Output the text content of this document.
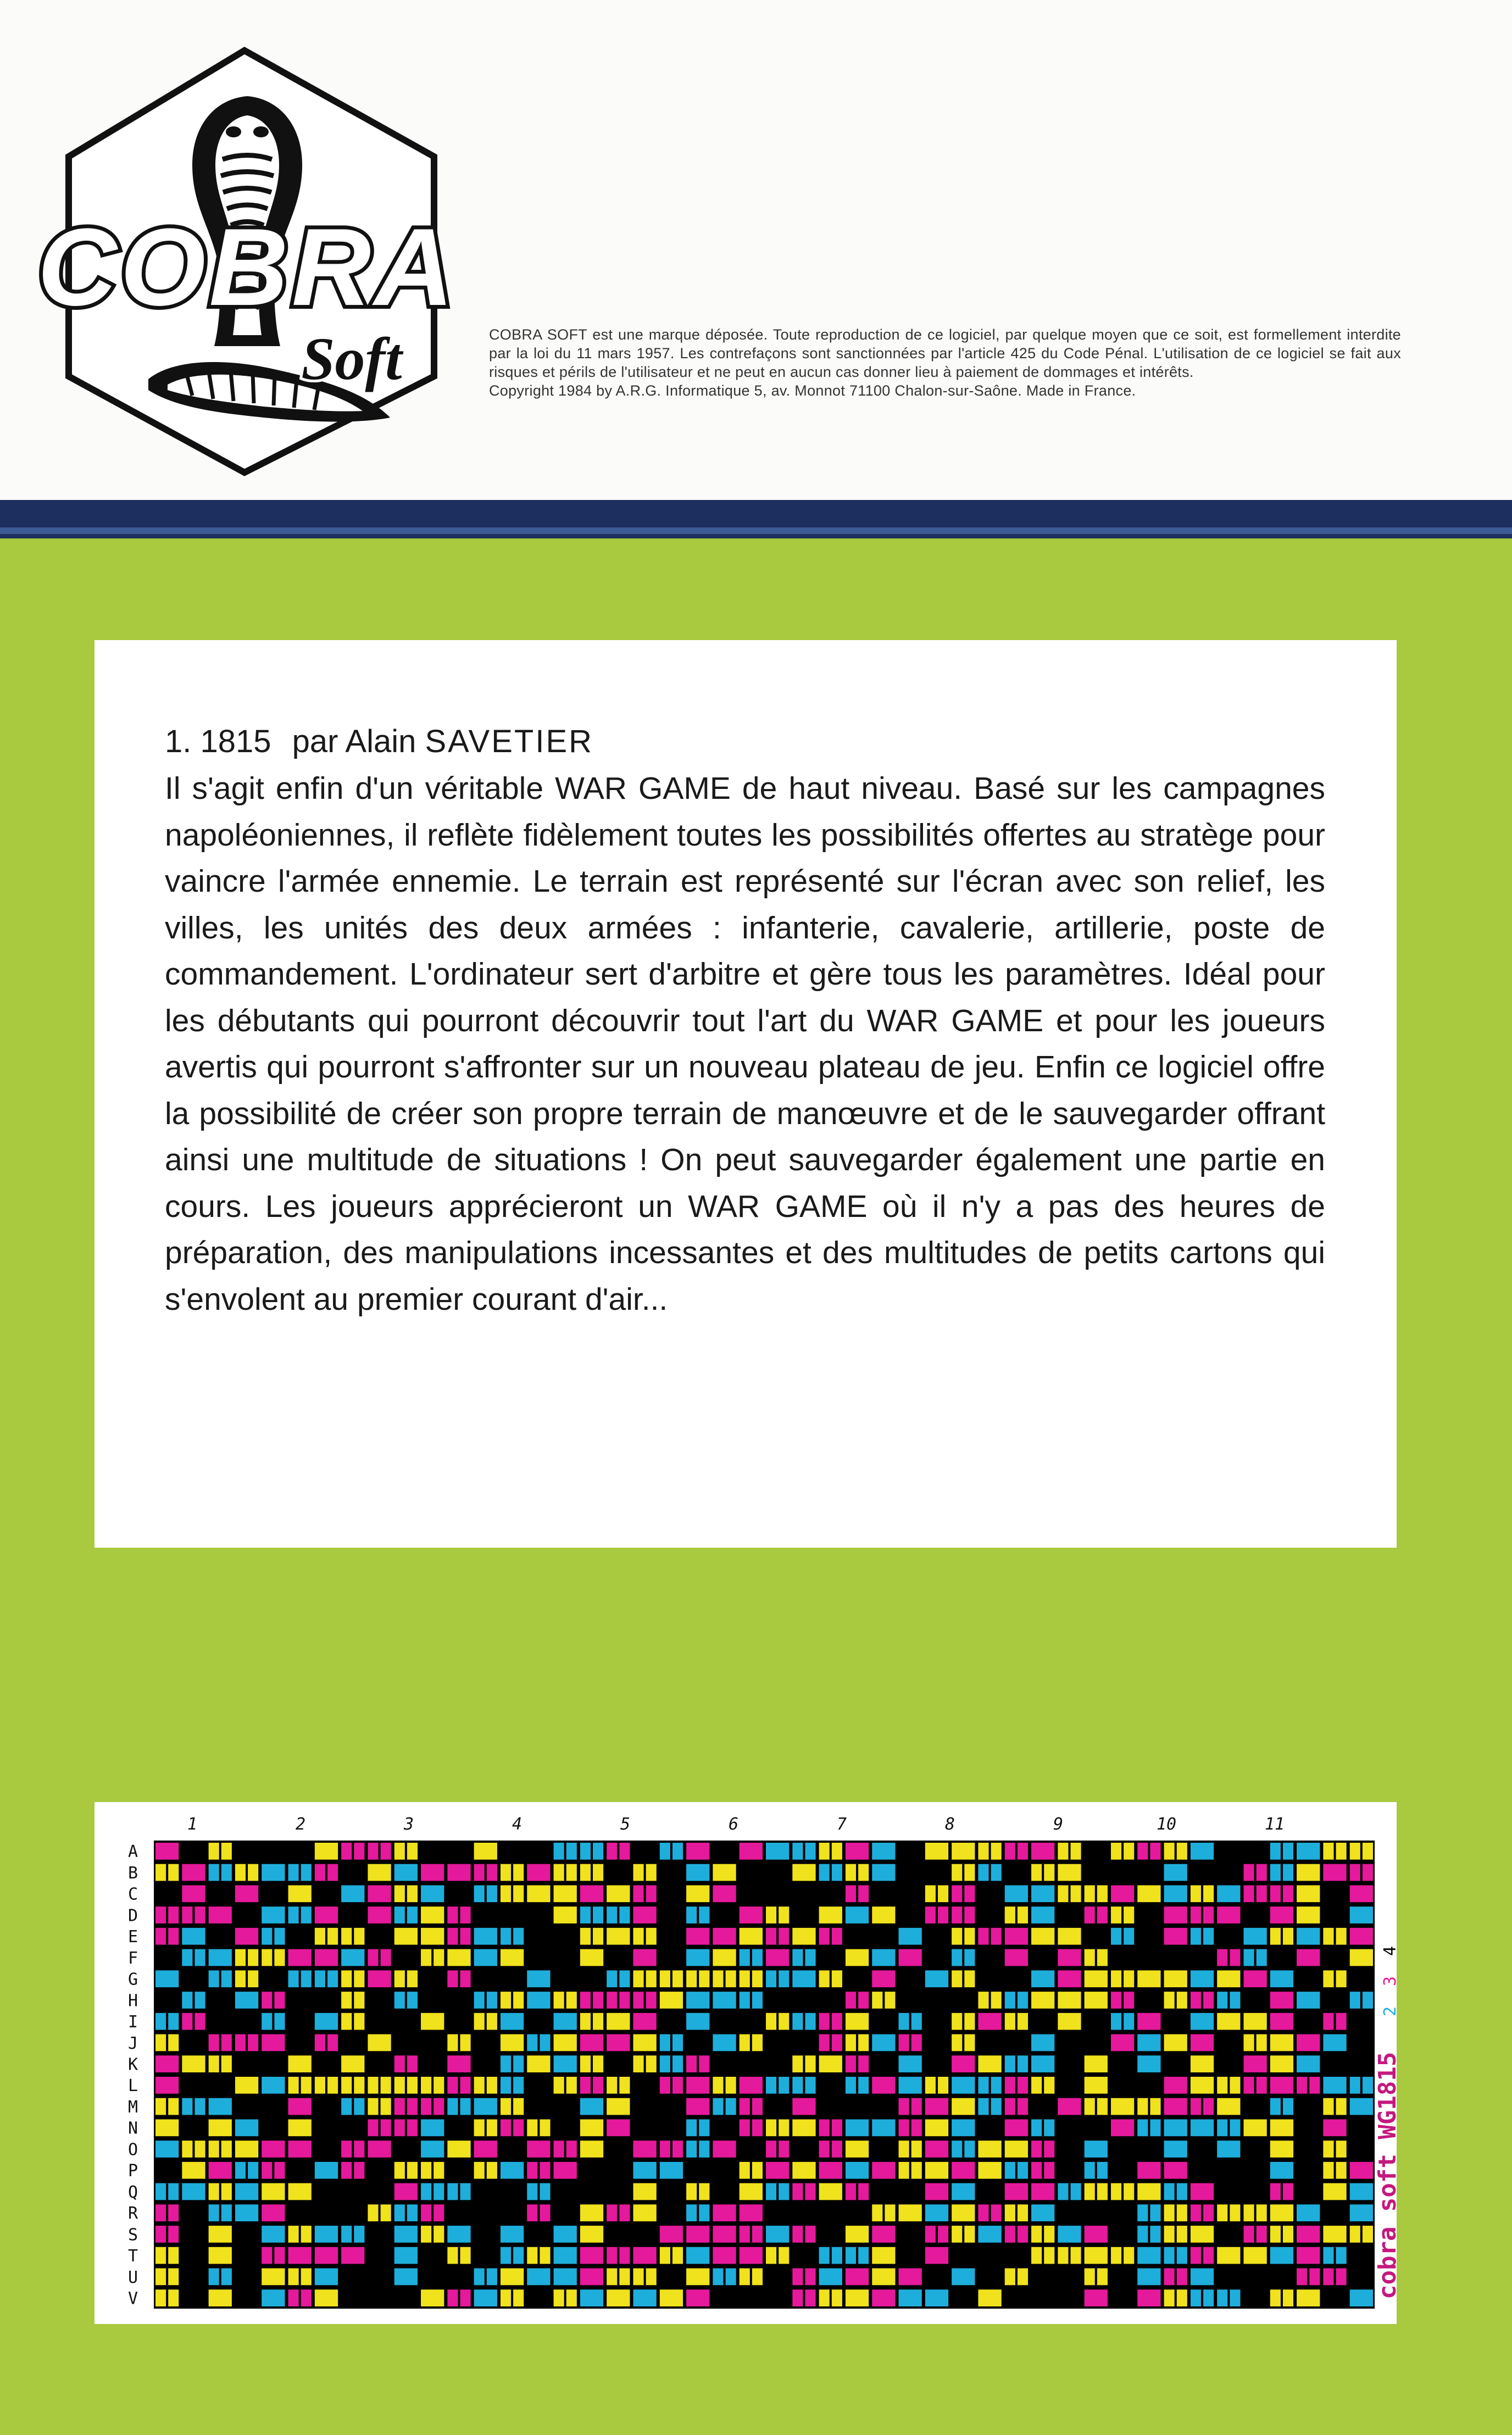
COBRA
Soft	COBRA SOFT est une marque déposée. Toute reproduction de ce logiciel, par quelque moyen que ce soit, est formellement interdite par la loi du 11 mars 1957. Les contrefaçons sont sanctionnées par l'article 425 du Code Pénal. L'utilisation de ce logiciel se fait aux risques et périls de l'utilisateur et ne peut en aucun cas donner lieu à paiement de dommages et intérêts.
Copyright 1984 by A.R.G. Informatique 5, av. Monnot 71100 Chalon-sur-Saône. Made in France.
1. 1815 par Alain SAVETIER
Il s'agit enfin d'un véritable WAR GAME de haut niveau. Basé sur les campagnes napoléoniennes, il reflète fidèlement toutes les possibilités offertes au stratège pour vaincre l'armée ennemie. Le terrain est représenté sur l'écran avec son relief, les villes, les unités des deux armées : infanterie, cavalerie, artillerie, poste de commandement. L'ordinateur sert d'arbitre et gère tous les paramètres. Idéal pour les débutants qui pourront découvrir tout l'art du WAR GAME et pour les joueurs avertis qui pourront s'affronter sur un nouveau plateau de jeu. Enfin ce logiciel offre la possibilité de créer son propre terrain de manœuvre et de le sauvegarder offrant ainsi une multitude de situations ! On peut sauvegarder également une partie en cours. Les joueurs apprécieront un WAR GAME où il n'y a pas des heures de préparation, des manipulations incessantes et des multitudes de petits cartons qui s'envolent au premier courant d'air...
1	2	3	4	5	6	7	8	9	10	11
A
B
C
D
E
F
G
H
I
J
K
L
M
N
O
P
Q
R
S
T
U
V	cobra soft WG1815
2
3
4
